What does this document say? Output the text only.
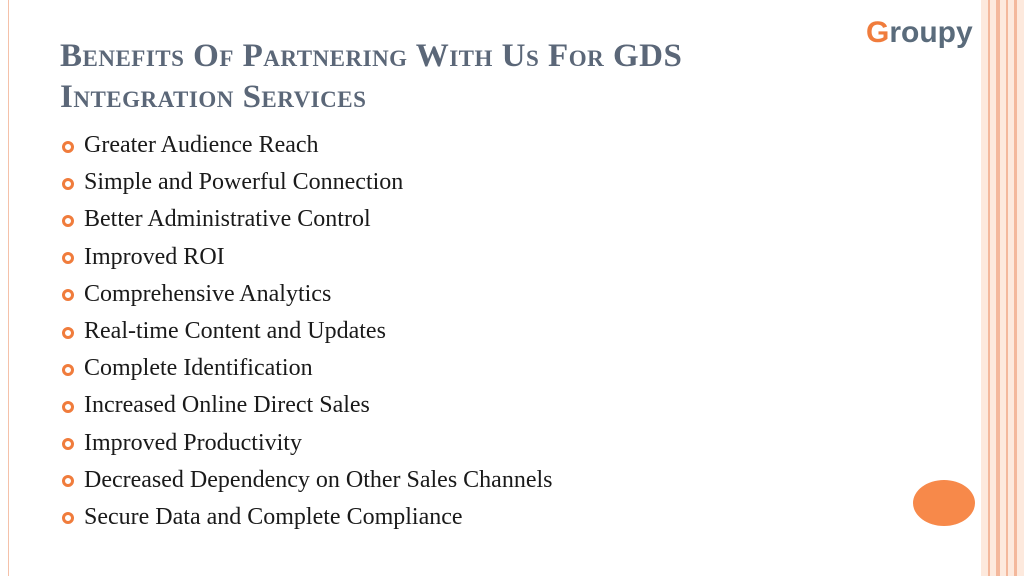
Groupy
Benefits Of Partnering With Us For GDS Integration Services
Greater Audience Reach
Simple and Powerful Connection
Better Administrative Control
Improved ROI
Comprehensive Analytics
Real-time Content and Updates
Complete Identification
Increased Online Direct Sales
Improved Productivity
Decreased Dependency on Other Sales Channels
Secure Data and Complete Compliance
